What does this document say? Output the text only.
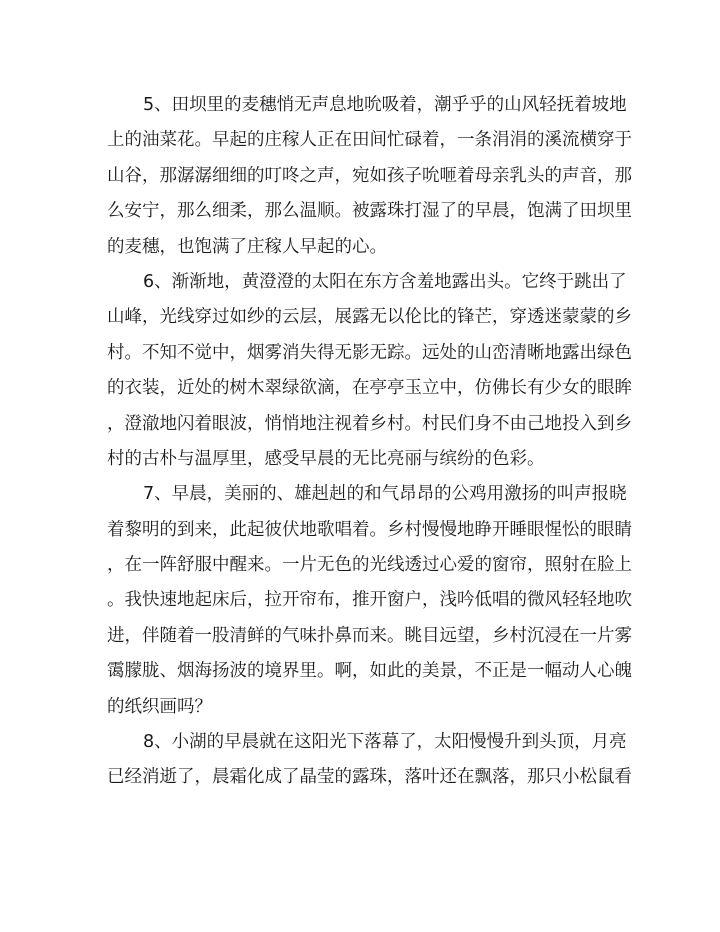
5、田坝里的麦穗悄无声息地吮吸着，潮乎乎的山风轻抚着坡地
上的油菜花。早起的庄稼人正在田间忙碌着，一条涓涓的溪流横穿于
山谷，那潺潺细细的叮咚之声，宛如孩子吮咂着母亲乳头的声音，那
么安宁，那么细柔，那么温顺。被露珠打湿了的早晨，饱满了田坝里
的麦穗，也饱满了庄稼人早起的心。
6、渐渐地，黄澄澄的太阳在东方含羞地露出头。它终于跳出了
山峰，光线穿过如纱的云层，展露无以伦比的锋芒，穿透迷蒙蒙的乡
村。不知不觉中，烟雾消失得无影无踪。远处的山峦清晰地露出绿色
的衣装，近处的树木翠绿欲滴，在亭亭玉立中，仿佛长有少女的眼眸
，澄澈地闪着眼波，悄悄地注视着乡村。村民们身不由己地投入到乡
村的古朴与温厚里，感受早晨的无比亮丽与缤纷的色彩。
7、早晨，美丽的、雄赳赳的和气昂昂的公鸡用激扬的叫声报晓
着黎明的到来，此起彼伏地歌唱着。乡村慢慢地睁开睡眼惺忪的眼睛
，在一阵舒服中醒来。一片无色的光线透过心爱的窗帘，照射在脸上
。我快速地起床后，拉开帘布，推开窗户，浅吟低唱的微风轻轻地吹
进，伴随着一股清鲜的气味扑鼻而来。眺目远望，乡村沉浸在一片雾
霭朦胧、烟海扬波的境界里。啊，如此的美景，不正是一幅动人心魄
的纸织画吗？
8、小湖的早晨就在这阳光下落幕了，太阳慢慢升到头顶，月亮
已经消逝了，晨霜化成了晶莹的露珠，落叶还在飘落，那只小松鼠看
